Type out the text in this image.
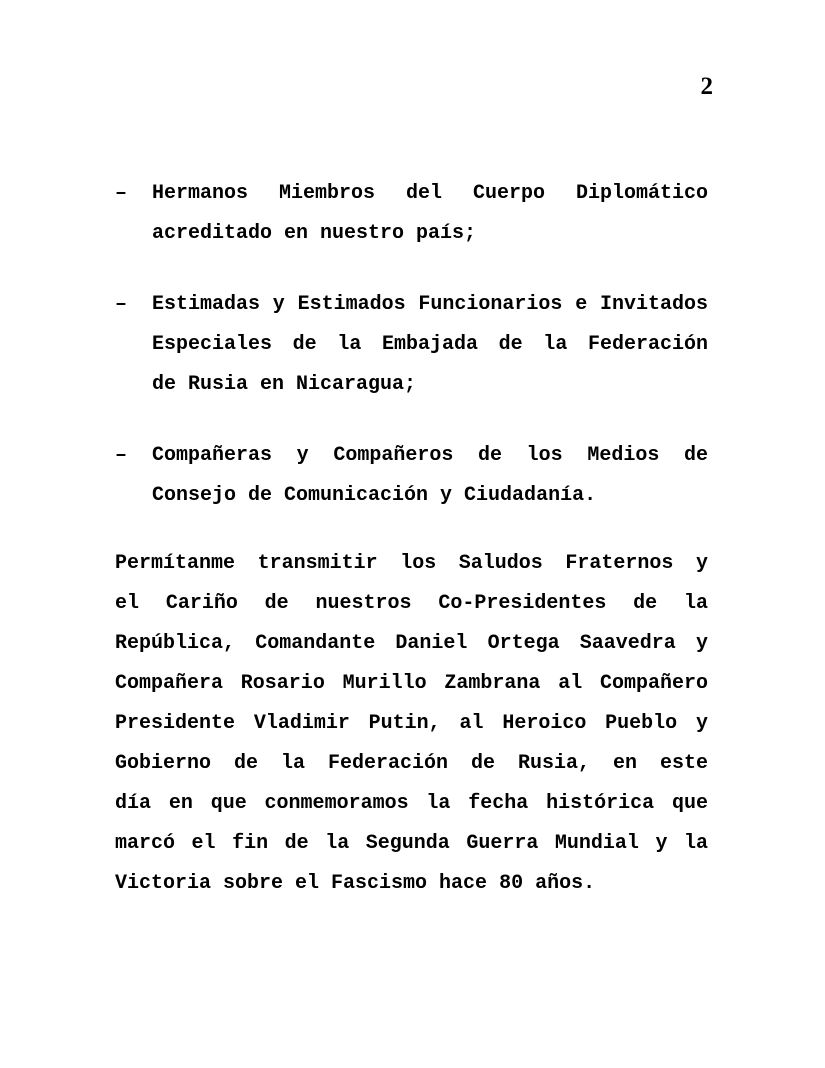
2
– Hermanos Miembros del Cuerpo Diplomático
acreditado en nuestro país;
– Estimadas y Estimados Funcionarios e Invitados
Especiales de la Embajada de la Federación
de Rusia en Nicaragua;
– Compañeras y Compañeros de los Medios de
Consejo de Comunicación y Ciudadanía.
Permítanme transmitir los Saludos Fraternos y
el Cariño de nuestros Co-Presidentes de la
República, Comandante Daniel Ortega Saavedra y
Compañera Rosario Murillo Zambrana al Compañero
Presidente Vladimir Putin, al Heroico Pueblo y
Gobierno de la Federación de Rusia, en este
día en que conmemoramos la fecha histórica que
marcó el fin de la Segunda Guerra Mundial y la
Victoria sobre el Fascismo hace 80 años.
